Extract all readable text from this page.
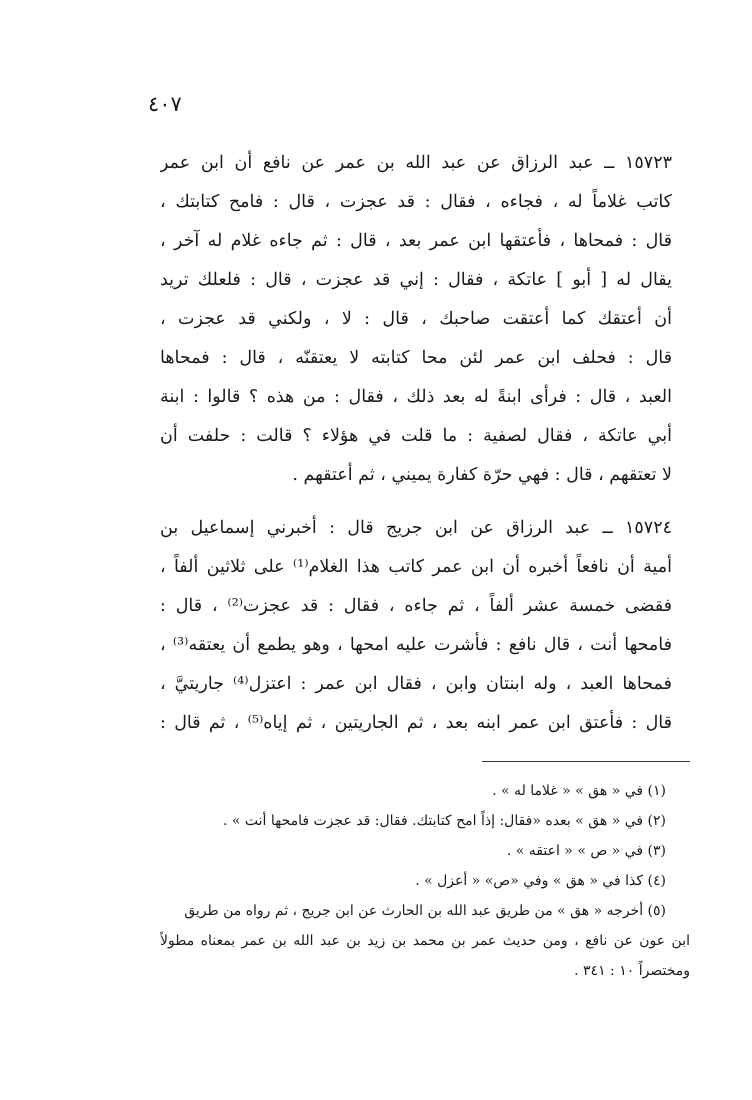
٤٠٧
١٥٧٢٣ ــ عبد الرزاق عن عبد الله بن عمر عن نافع أن ابن عمر
كاتب غلاماً له ، فجاءه ، فقال : قد عجزت ، قال : فامح كتابتك ،
قال : فمحاها ، فأعتقها ابن عمر بعد ، قال : ثم جاءه غلام له آخر ،
يقال له [ أبو ] عاتكة ، فقال : إني قد عجزت ، قال : فلعلك تريد
أن أعتقك كما أعتقت صاحبك ، قال : لا ، ولكني قد عجزت ،
قال : فحلف ابن عمر لئن محا كتابته لا يعتقنّه ، قال : فمحاها
العبد ، قال : فرأى ابنةً له بعد ذلك ، فقال : من هذه ؟ قالوا : ابنة
أبي عاتكة ، فقال لصفية : ما قلت في هؤلاء ؟ قالت : حلفت أن
لا تعتقهم ، قال : فهي حرّة كفارة يميني ، ثم أعتقهم .
١٥٧٢٤ ــ عبد الرزاق عن ابن جريج قال : أخبرني إسماعيل بن
أمية أن نافعاً أخبره أن ابن عمر كاتب هذا الغلام⁽¹⁾ على ثلاثين ألفاً ،
فقضى خمسة عشر ألفاً ، ثم جاءه ، فقال : قد عجزت⁽²⁾ ، قال :
فامحها أنت ، قال نافع : فأشرت عليه امحها ، وهو يطمع أن يعتقه⁽³⁾ ،
فمحاها العبد ، وله ابنتان وابن ، فقال ابن عمر : اعتزل⁽⁴⁾ جاريتيَّ ،
قال : فأعتق ابن عمر ابنه بعد ، ثم الجاريتين ، ثم إياه⁽⁵⁾ ، ثم قال :
(١) في « هق » « غلاما له » .
(٢) في « هق » بعده «فقال: إذاً امح كتابتك. فقال: قد عجزت فامحها أنت » .
(٣) في « ص » « اعتقه » .
(٤) كذا في « هق » وفي «ص» « أعزل » .
(٥) أخرجه « هق » من طريق عبد الله بن الحارث عن ابن جريج ، ثم رواه من طريق
ابن عون عن نافع ، ومن حديث عمر بن محمد بن زيد بن عبد الله بن عمر بمعناه مطولاً
ومختصراً ١٠ : ٣٤١ .
